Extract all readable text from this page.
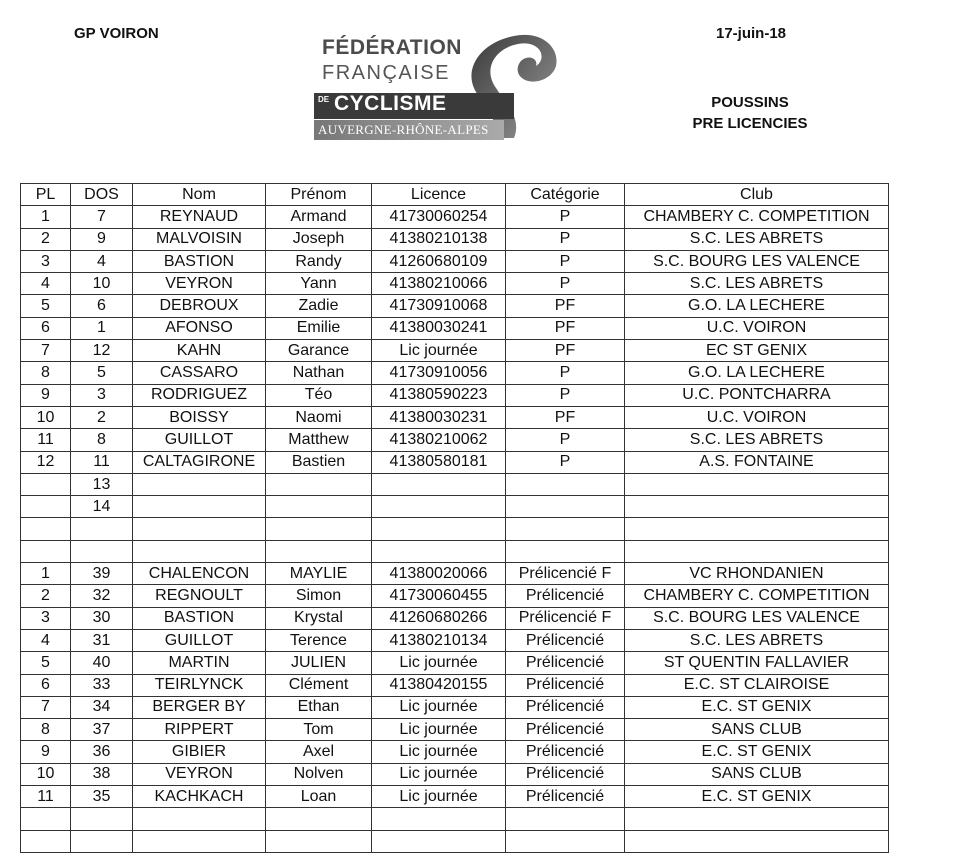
GP VOIRON	17-juin-18
POUSSINS
PRE LICENCIES
FÉDÉRATION
FRANÇAISE
DE CYCLISME
AUVERGNE-RHÔNE-ALPES
PL	DOS	Nom	Prénom	Licence	Catégorie	Club
1	7	REYNAUD	Armand	41730060254	P	CHAMBERY C. COMPETITION
2	9	MALVOISIN	Joseph	41380210138	P	S.C. LES ABRETS
3	4	BASTION	Randy	41260680109	P	S.C. BOURG LES VALENCE
4	10	VEYRON	Yann	41380210066	P	S.C. LES ABRETS
5	6	DEBROUX	Zadie	41730910068	PF	G.O. LA LECHERE
6	1	AFONSO	Emilie	41380030241	PF	U.C. VOIRON
7	12	KAHN	Garance	Lic journée	PF	EC ST GENIX
8	5	CASSARO	Nathan	41730910056	P	G.O. LA LECHERE
9	3	RODRIGUEZ	Téo	41380590223	P	U.C. PONTCHARRA
10	2	BOISSY	Naomi	41380030231	PF	U.C. VOIRON
11	8	GUILLOT	Matthew	41380210062	P	S.C. LES ABRETS
12	11	CALTAGIRONE	Bastien	41380580181	P	A.S. FONTAINE
	13					
	14					

1	39	CHALENCON	MAYLIE	41380020066	Prélicencié F	VC RHONDANIEN
2	32	REGNOULT	Simon	41730060455	Prélicencié	CHAMBERY C. COMPETITION
3	30	BASTION	Krystal	41260680266	Prélicencié F	S.C. BOURG LES VALENCE
4	31	GUILLOT	Terence	41380210134	Prélicencié	S.C. LES ABRETS
5	40	MARTIN	JULIEN	Lic journée	Prélicencié	ST QUENTIN FALLAVIER
6	33	TEIRLYNCK	Clément	41380420155	Prélicencié	E.C. ST CLAIROISE
7	34	BERGER BY	Ethan	Lic journée	Prélicencié	E.C. ST GENIX
8	37	RIPPERT	Tom	Lic journée	Prélicencié	SANS CLUB
9	36	GIBIER	Axel	Lic journée	Prélicencié	E.C. ST GENIX
10	38	VEYRON	Nolven	Lic journée	Prélicencié	SANS CLUB
11	35	KACHKACH	Loan	Lic journée	Prélicencié	E.C. ST GENIX
